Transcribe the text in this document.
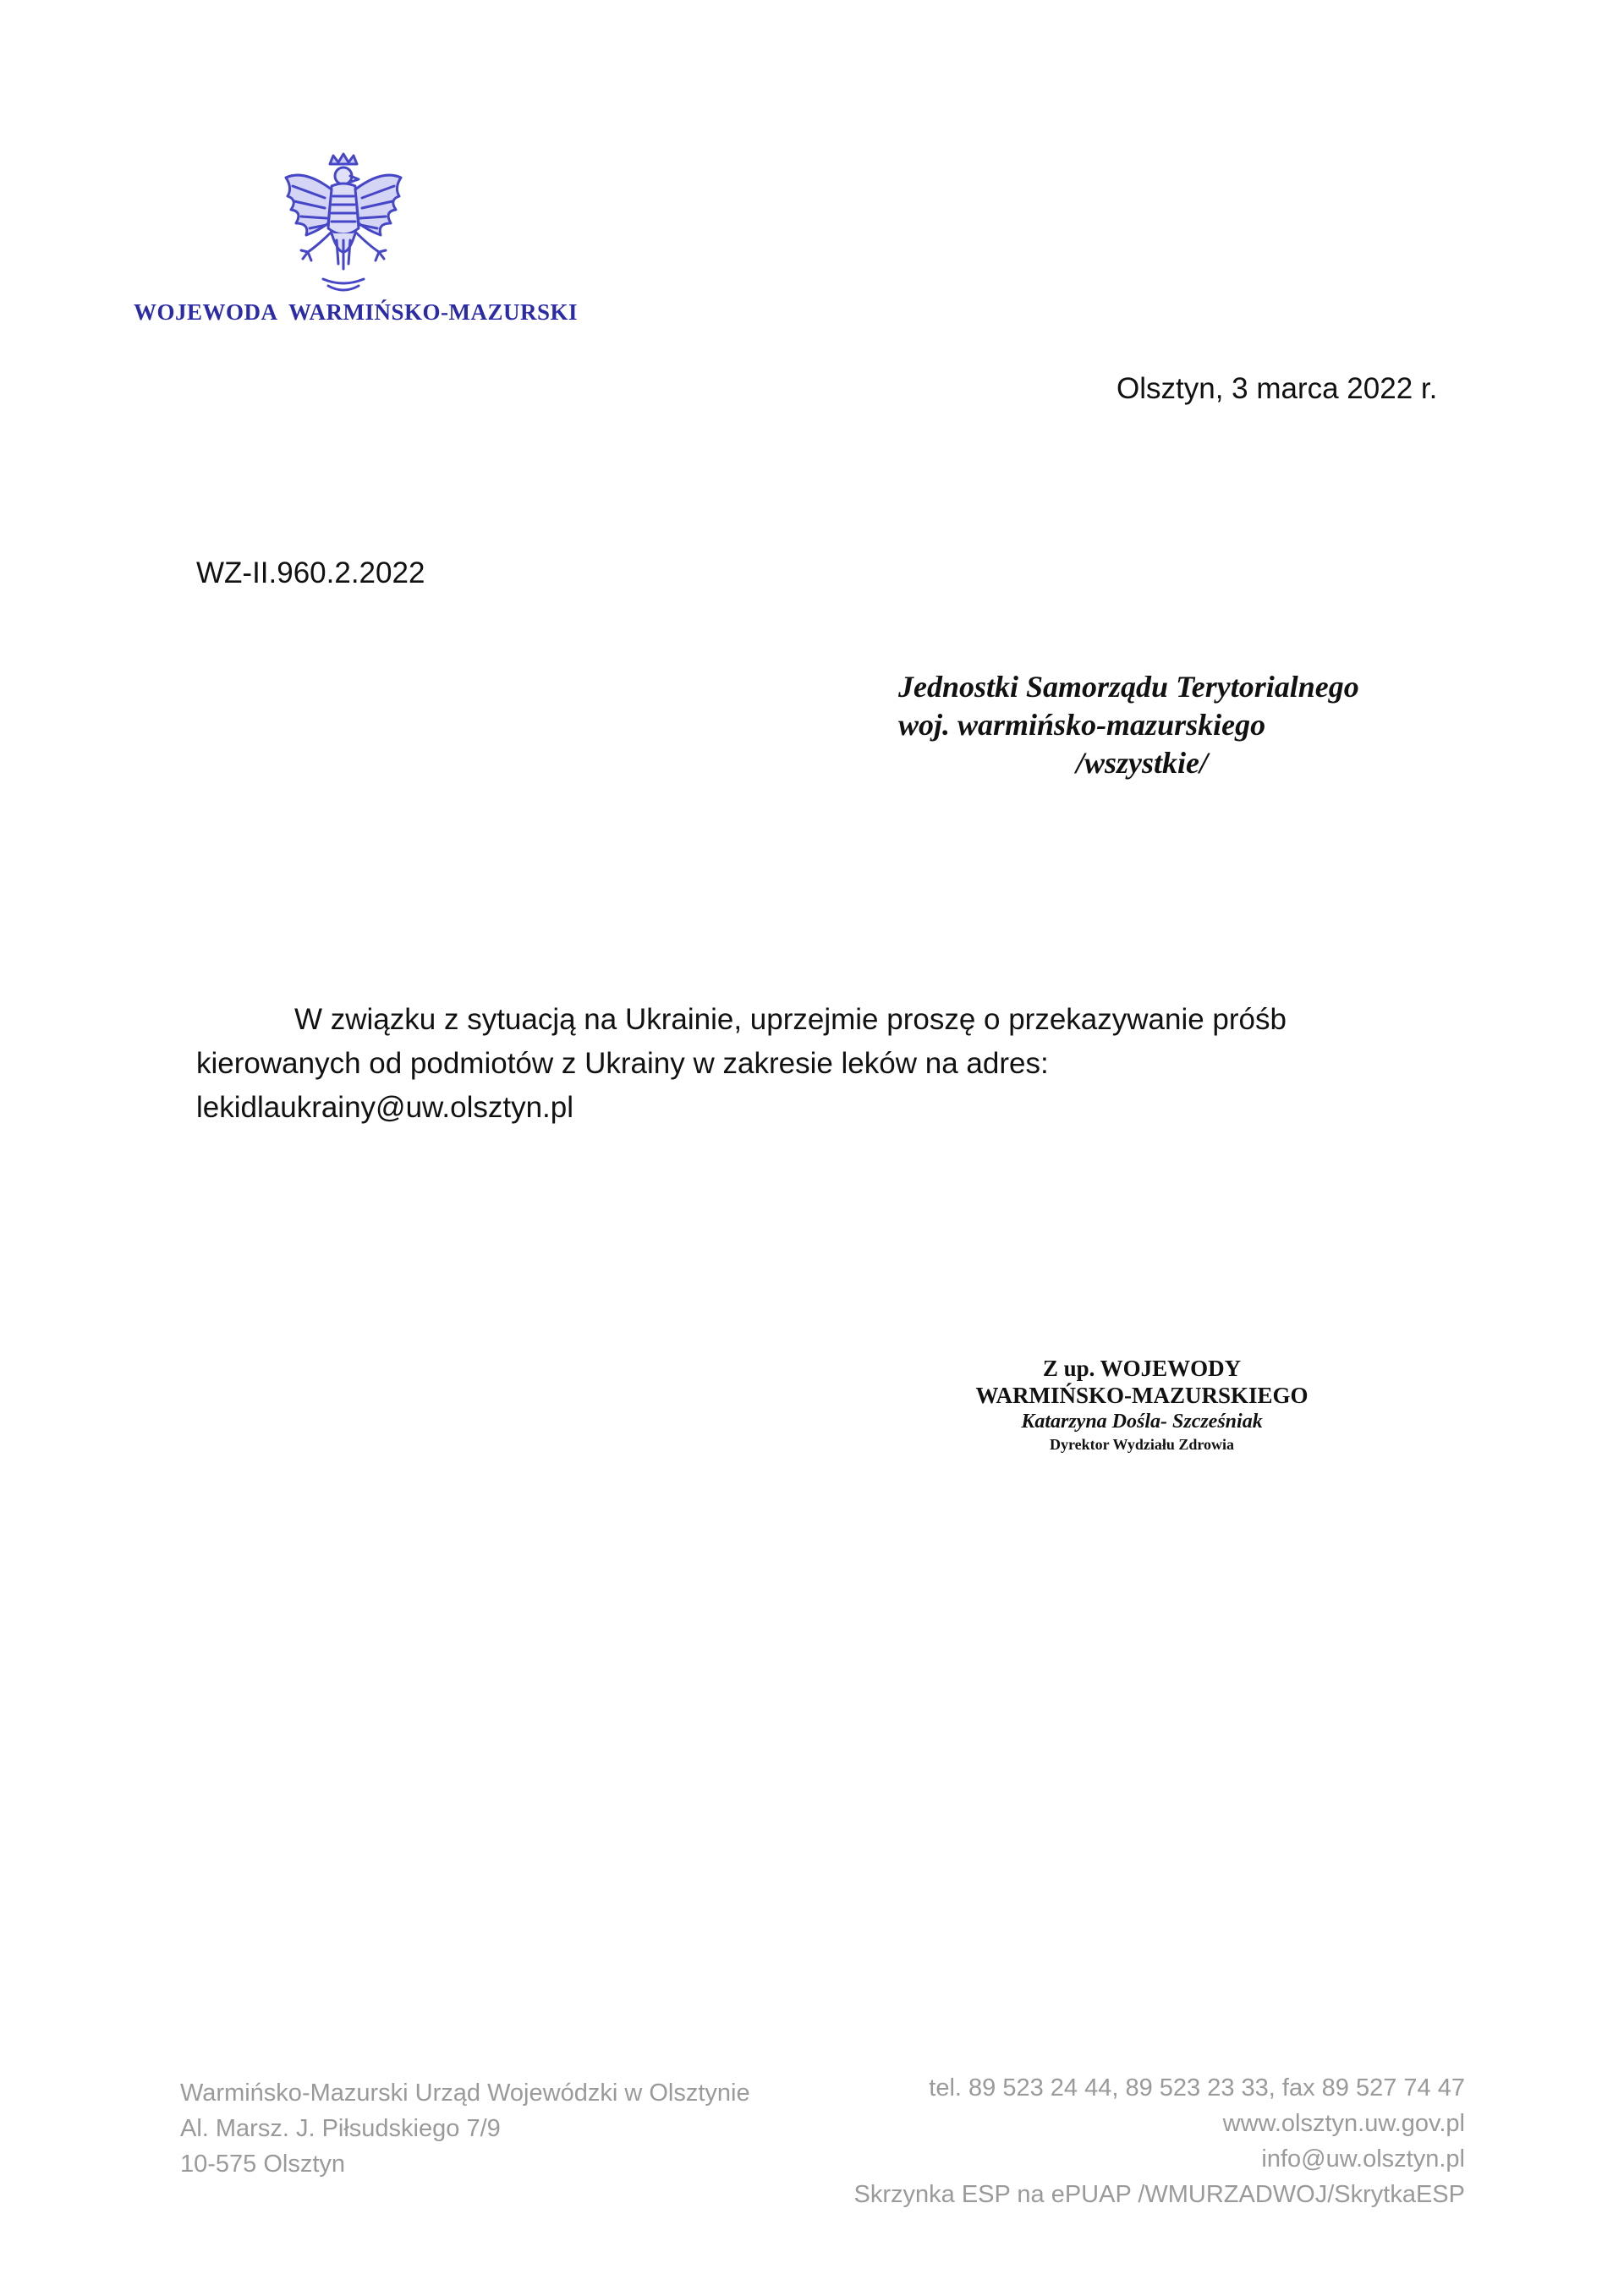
WOJEWODA  WARMIŃSKO-MAZURSKI
Olsztyn, 3 marca 2022 r.
WZ-II.960.2.2022
Jednostki Samorządu Terytorialnego
woj. warmińsko-mazurskiego
/wszystkie/
W związku z sytuacją na Ukrainie, uprzejmie proszę o przekazywanie próśb
kierowanych od podmiotów z Ukrainy w zakresie leków na adres:
lekidlaukrainy@uw.olsztyn.pl
Z up. WOJEWODY
WARMIŃSKO-MAZURSKIEGO
Katarzyna Dośla- Szcześniak
Dyrektor Wydziału Zdrowia
Warmińsko-Mazurski Urząd Wojewódzki w Olsztynie
Al. Marsz. J. Piłsudskiego 7/9
10-575 Olsztyn
tel. 89 523 24 44, 89 523 23 33, fax 89 527 74 47
www.olsztyn.uw.gov.pl
info@uw.olsztyn.pl
Skrzynka ESP na ePUAP /WMURZADWOJ/SkrytkaESP
